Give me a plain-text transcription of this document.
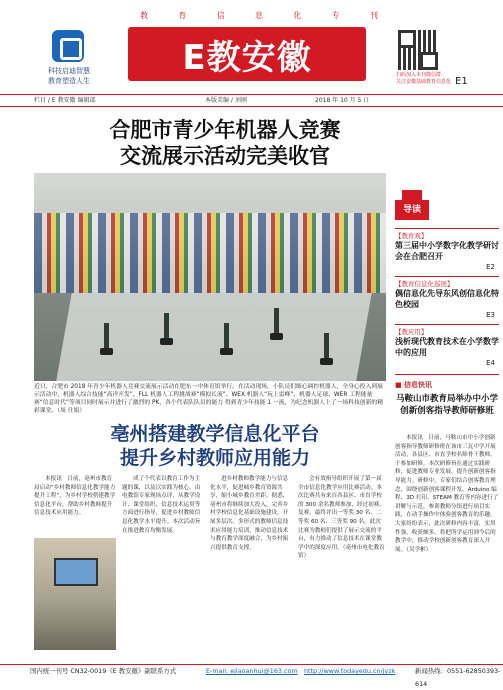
教	育	信	息	化	专	刊
科技启迪智慧
教育塑造人生
E教安徽	扫码加入本刊微信群
关注安徽基础教育信息化 E1
栏目 / E 教安徽 编辑部	本版美编 / 刘刚	2018 年 10 月 5 日
合肥市青少年机器人竞赛
交流展示活动完美收官
近日，合肥市 2018 年青少年机器人竞赛交流展示活动在肥东一中体育馆举行。在活动现场，小队员们细心调控机器人，全身心投入到展示活动中，机器人综合技能“高洋开发”、FLL 机器人工程挑战赛“模拟长流”、WEX 机器人“玩上雷峰”、机器人足球、WER 工程能量赛“信息时代”等项目同时展示并进行了激烈的 PK，各个代表队队员的能力 得到青少年技能 1 一流，为纪念机器人上了一场科技创新的精彩课堂。（周 仕娟）
导读
【教育观】
第三届中小学数字化教学研讨会在合肥召开
E2
【教育信息化巡展】
偶信息化先导东风创信息化特色校园
E3
【教应用】
浅析现代教育技术在小学数学中的应用
E4
■ 信息快讯
马鞍山市教育局举办中小学创新创客指导教师研修班
本报讯　日前，马鞍山市中小学创新创客指导教师研修班在该市三瓦中学开展活动，各县区、市直学校名师骨干教师，于参加研修。本次研修旨在通过实践研修，促进教师专业发展，提升创新创客指导能力。研修中，专家们结合创客教育理念，围绕创新创客课程开发、Arduino 编程、3D 打印、STEAM 教育等内容进行了讲解与示范。参训教师分组进行项目实践，在动手操作中体验创客教育的乐趣。大家纷纷表示，此次研修内容丰富，实用性强，收获颇多，将把所学运用到今后的教学中，推动学校创新创客教育深入开展。（吴学彬）
亳州搭建教学信息化平台
提升乡村教师应用能力
本报讯　日前，亳州市教育局启动“乡村教师信息化教学能力提升工程”，为乡村学校搭建教学信息化平台，帮助乡村教师提升信息技术应用能力。
成了个代表以教育工作为主题的课，以及以实践为核心，由电教馆专家现场点评，从教学设计、课堂组织、信息技术运用等方面进行指导，促进乡村教师信息化教学水平提升。本次活动旨在推进教育均衡发展。
进乡村教师教学能力与信息化水平，促进城乡教育资源共享，缩小城乡教育差距。据悉，亳州市将继续加大投入，完善乡村学校信息化基础设施建设，开展多层次、多形式的教师信息技术应用能力培训，推动信息技术与教育教学深度融合，为乡村振兴提供教育支撑。
会有效指导组织开展了第一届全市信息化教学应用比赛活动。本次比赛共有来自各县区、市直学校的 300 余名教师参加，经过初赛、复赛，最终评出一等奖 30 名、二等奖 60 名、三等奖 90 名。此次比赛为教师们提供了展示交流的平台，有力推动了信息技术在课堂教学中的深度应用。（亳州市电化教育馆）
国内统一刊号 CN32-0019《E 教安徽》副联系方式	E-mail: ejiaoanhui@163.com http://www.todayedu.cn/jyzk	新闻热线：0551-62850393-614
